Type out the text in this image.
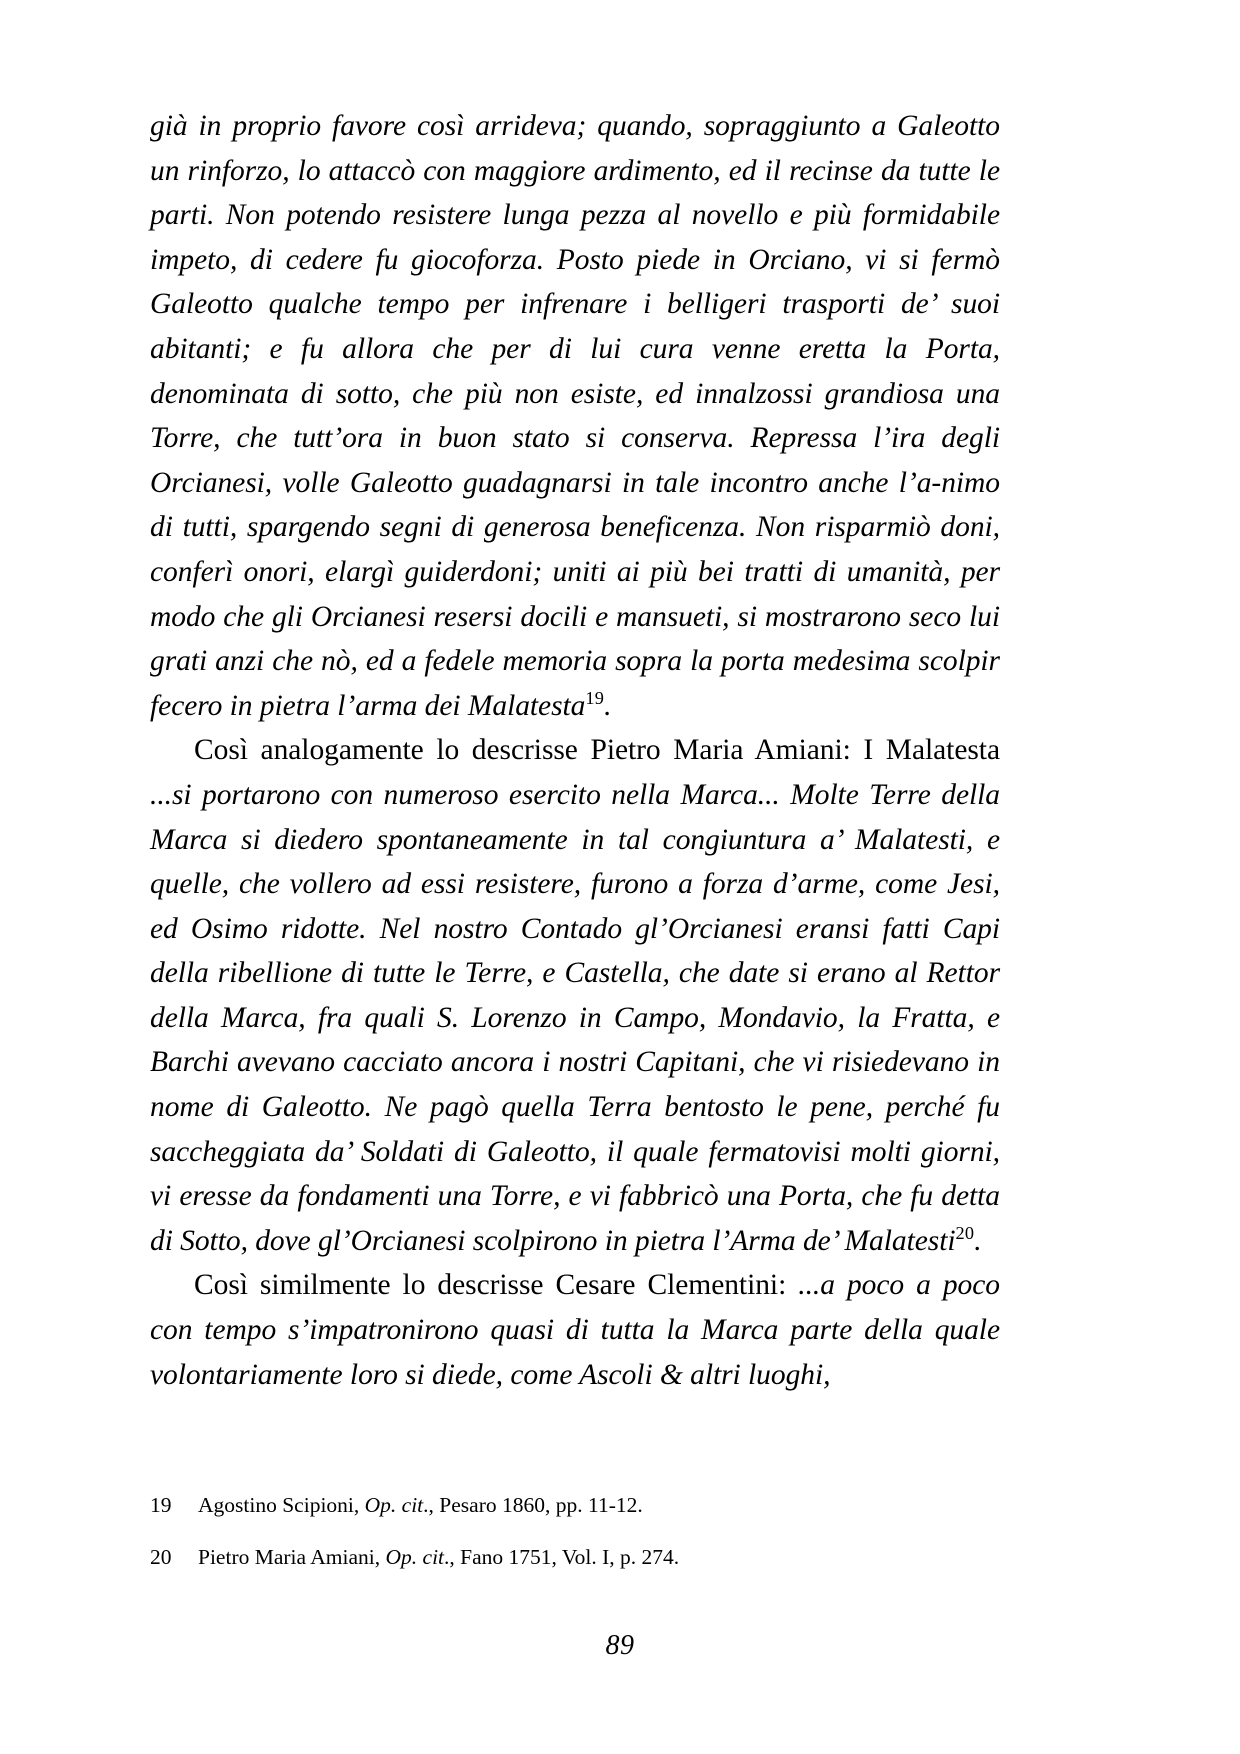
già in proprio favore così arrideva; quando, sopraggiunto a Galeotto un rinforzo, lo attaccò con maggiore ardimento, ed il recinse da tutte le parti. Non potendo resistere lunga pezza al novello e più formidabile impeto, di cedere fu giocoforza. Posto piede in Orciano, vi si fermò Galeotto qualche tempo per infrenare i belligeri trasporti de’ suoi abitanti; e fu allora che per di lui cura venne eretta la Porta, denominata di sotto, che più non esiste, ed innalzossi grandiosa una Torre, che tutt’ora in buon stato si conserva. Repressa l’ira degli Orcianesi, volle Galeotto guadagnarsi in tale incontro anche l’a-nimo di tutti, spargendo segni di generosa beneficenza. Non risparmiò doni, conferì onori, elargì guiderdoni; uniti ai più bei tratti di umanità, per modo che gli Orcianesi resersi docili e mansueti, si mostrarono seco lui grati anzi che nò, ed a fedele memoria sopra la porta medesima scolpir fecero in pietra l’arma dei Malatesta$^{19}$.

Così analogamente lo descrisse Pietro Maria Amiani: I Malatesta ...si portarono con numeroso esercito nella Marca... Molte Terre della Marca si diedero spontaneamente in tal congiuntura a’ Malatesti, e quelle, che vollero ad essi resistere, furono a forza d’arme, come Jesi, ed Osimo ridotte. Nel nostro Contado gl’Orcianesi eransi fatti Capi della ribellione di tutte le Terre, e Castella, che date si erano al Rettor della Marca, fra quali S. Lorenzo in Campo, Mondavio, la Fratta, e Barchi avevano cacciato ancora i nostri Capitani, che vi risiedevano in nome di Galeotto. Ne pagò quella Terra bentosto le pene, perché fu saccheggiata da’ Soldati di Galeotto, il quale fermatovisi molti giorni, vi eresse da fondamenti una Torre, e vi fabbricò una Porta, che fu detta di Sotto, dove gl’Orcianesi scolpirono in pietra l’Arma de’ Malatesti$^{20}$.

Così similmente lo descrisse Cesare Clementini: ...a poco a poco con tempo s’impatronirono quasi di tutta la Marca parte della quale volontariamente loro si diede, come Ascoli & altri luoghi,

19	Agostino Scipioni, Op. cit., Pesaro 1860, pp. 11-12.
20	Pietro Maria Amiani, Op. cit., Fano 1751, Vol. I, p. 274.
89
